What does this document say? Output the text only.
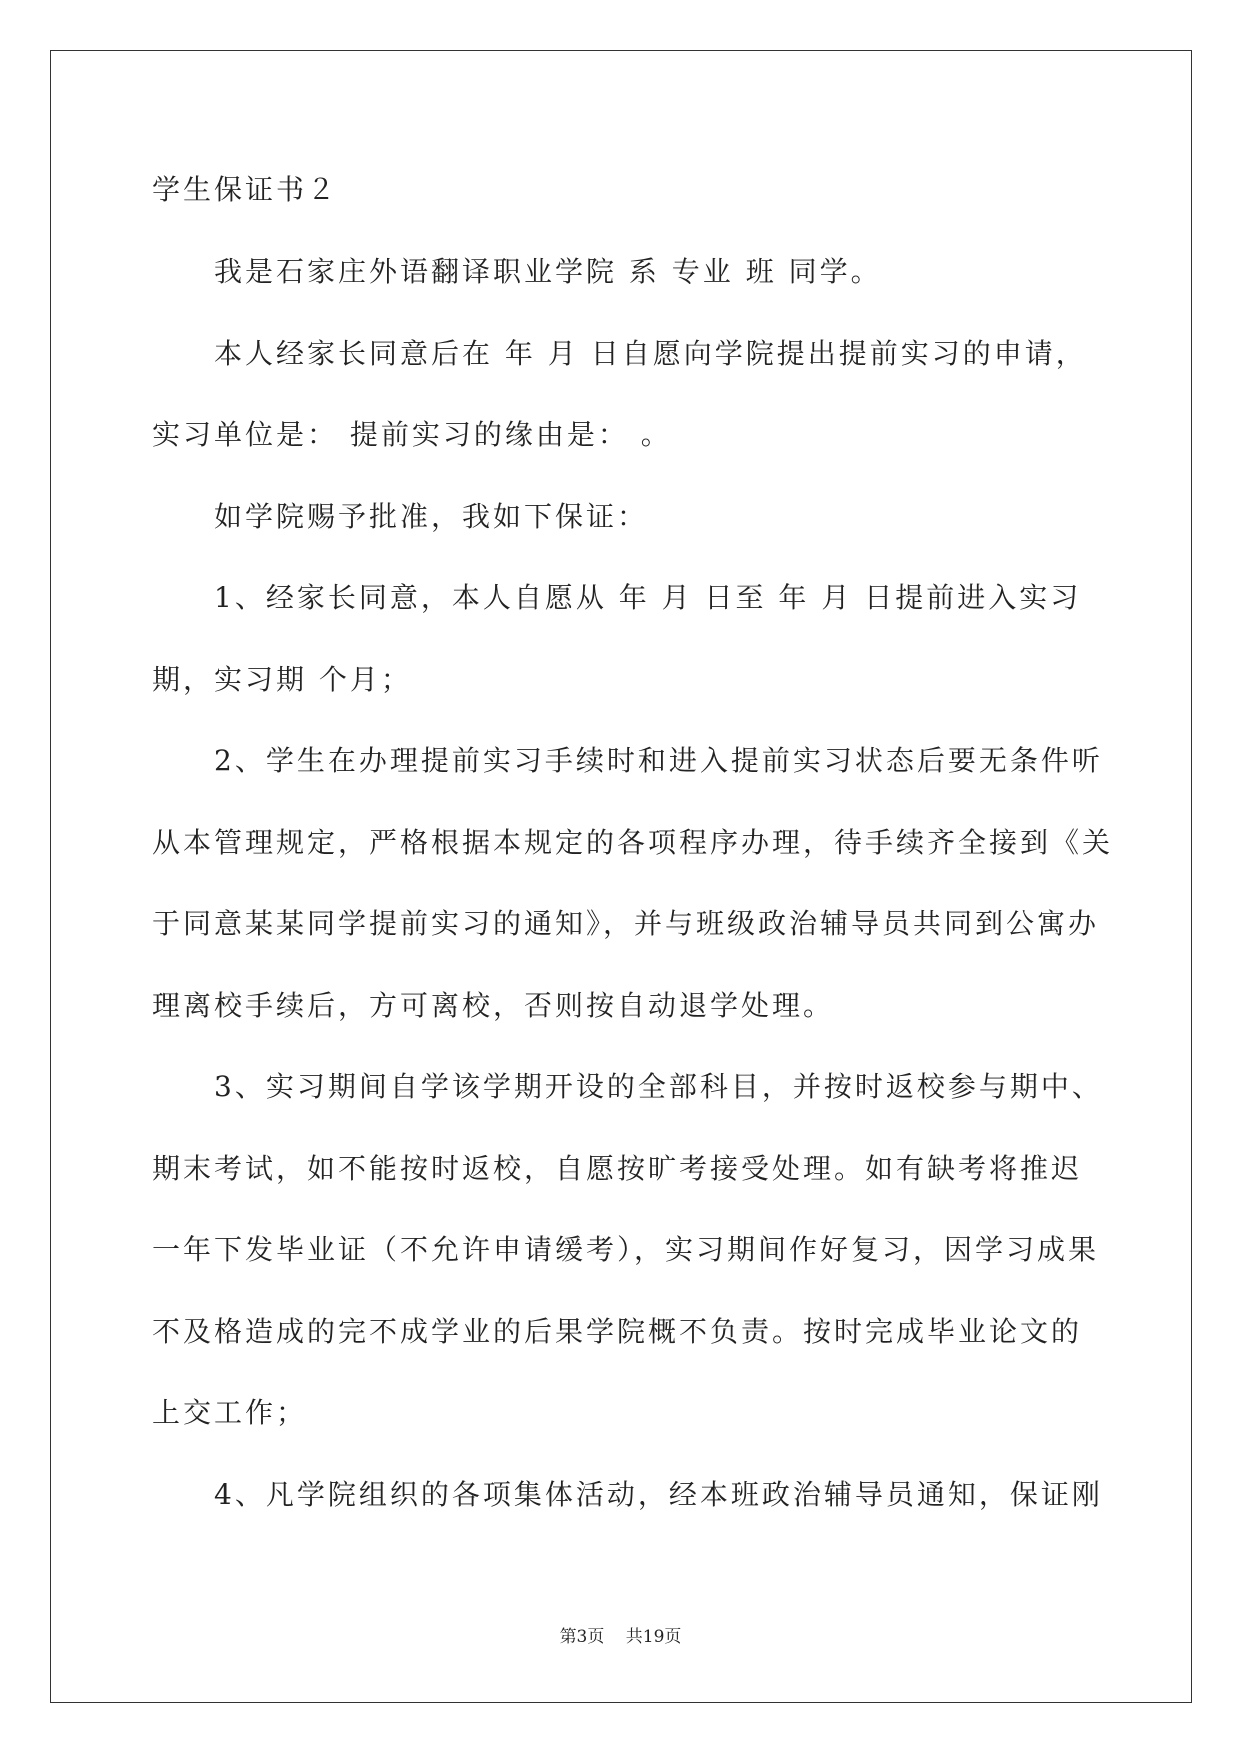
学生保证书２
我是石家庄外语翻译职业学院 系 专业 班 同学。
本人经家长同意后在 年 月 日自愿向学院提出提前实习的申请，
实习单位是： 提前实习的缘由是： 。
如学院赐予批准，我如下保证：
1、经家长同意，本人自愿从 年 月 日至 年 月 日提前进入实习
期，实习期 个月；
2、学生在办理提前实习手续时和进入提前实习状态后要无条件听
从本管理规定，严格根据本规定的各项程序办理，待手续齐全接到《关
于同意某某同学提前实习的通知》，并与班级政治辅导员共同到公寓办
理离校手续后，方可离校，否则按自动退学处理。
3、实习期间自学该学期开设的全部科目，并按时返校参与期中、
期末考试，如不能按时返校，自愿按旷考接受处理。如有缺考将推迟
一年下发毕业证（不允许申请缓考），实习期间作好复习，因学习成果
不及格造成的完不成学业的后果学院概不负责。按时完成毕业论文的
上交工作；
4、凡学院组织的各项集体活动，经本班政治辅导员通知，保证刚
第3页 共19页
